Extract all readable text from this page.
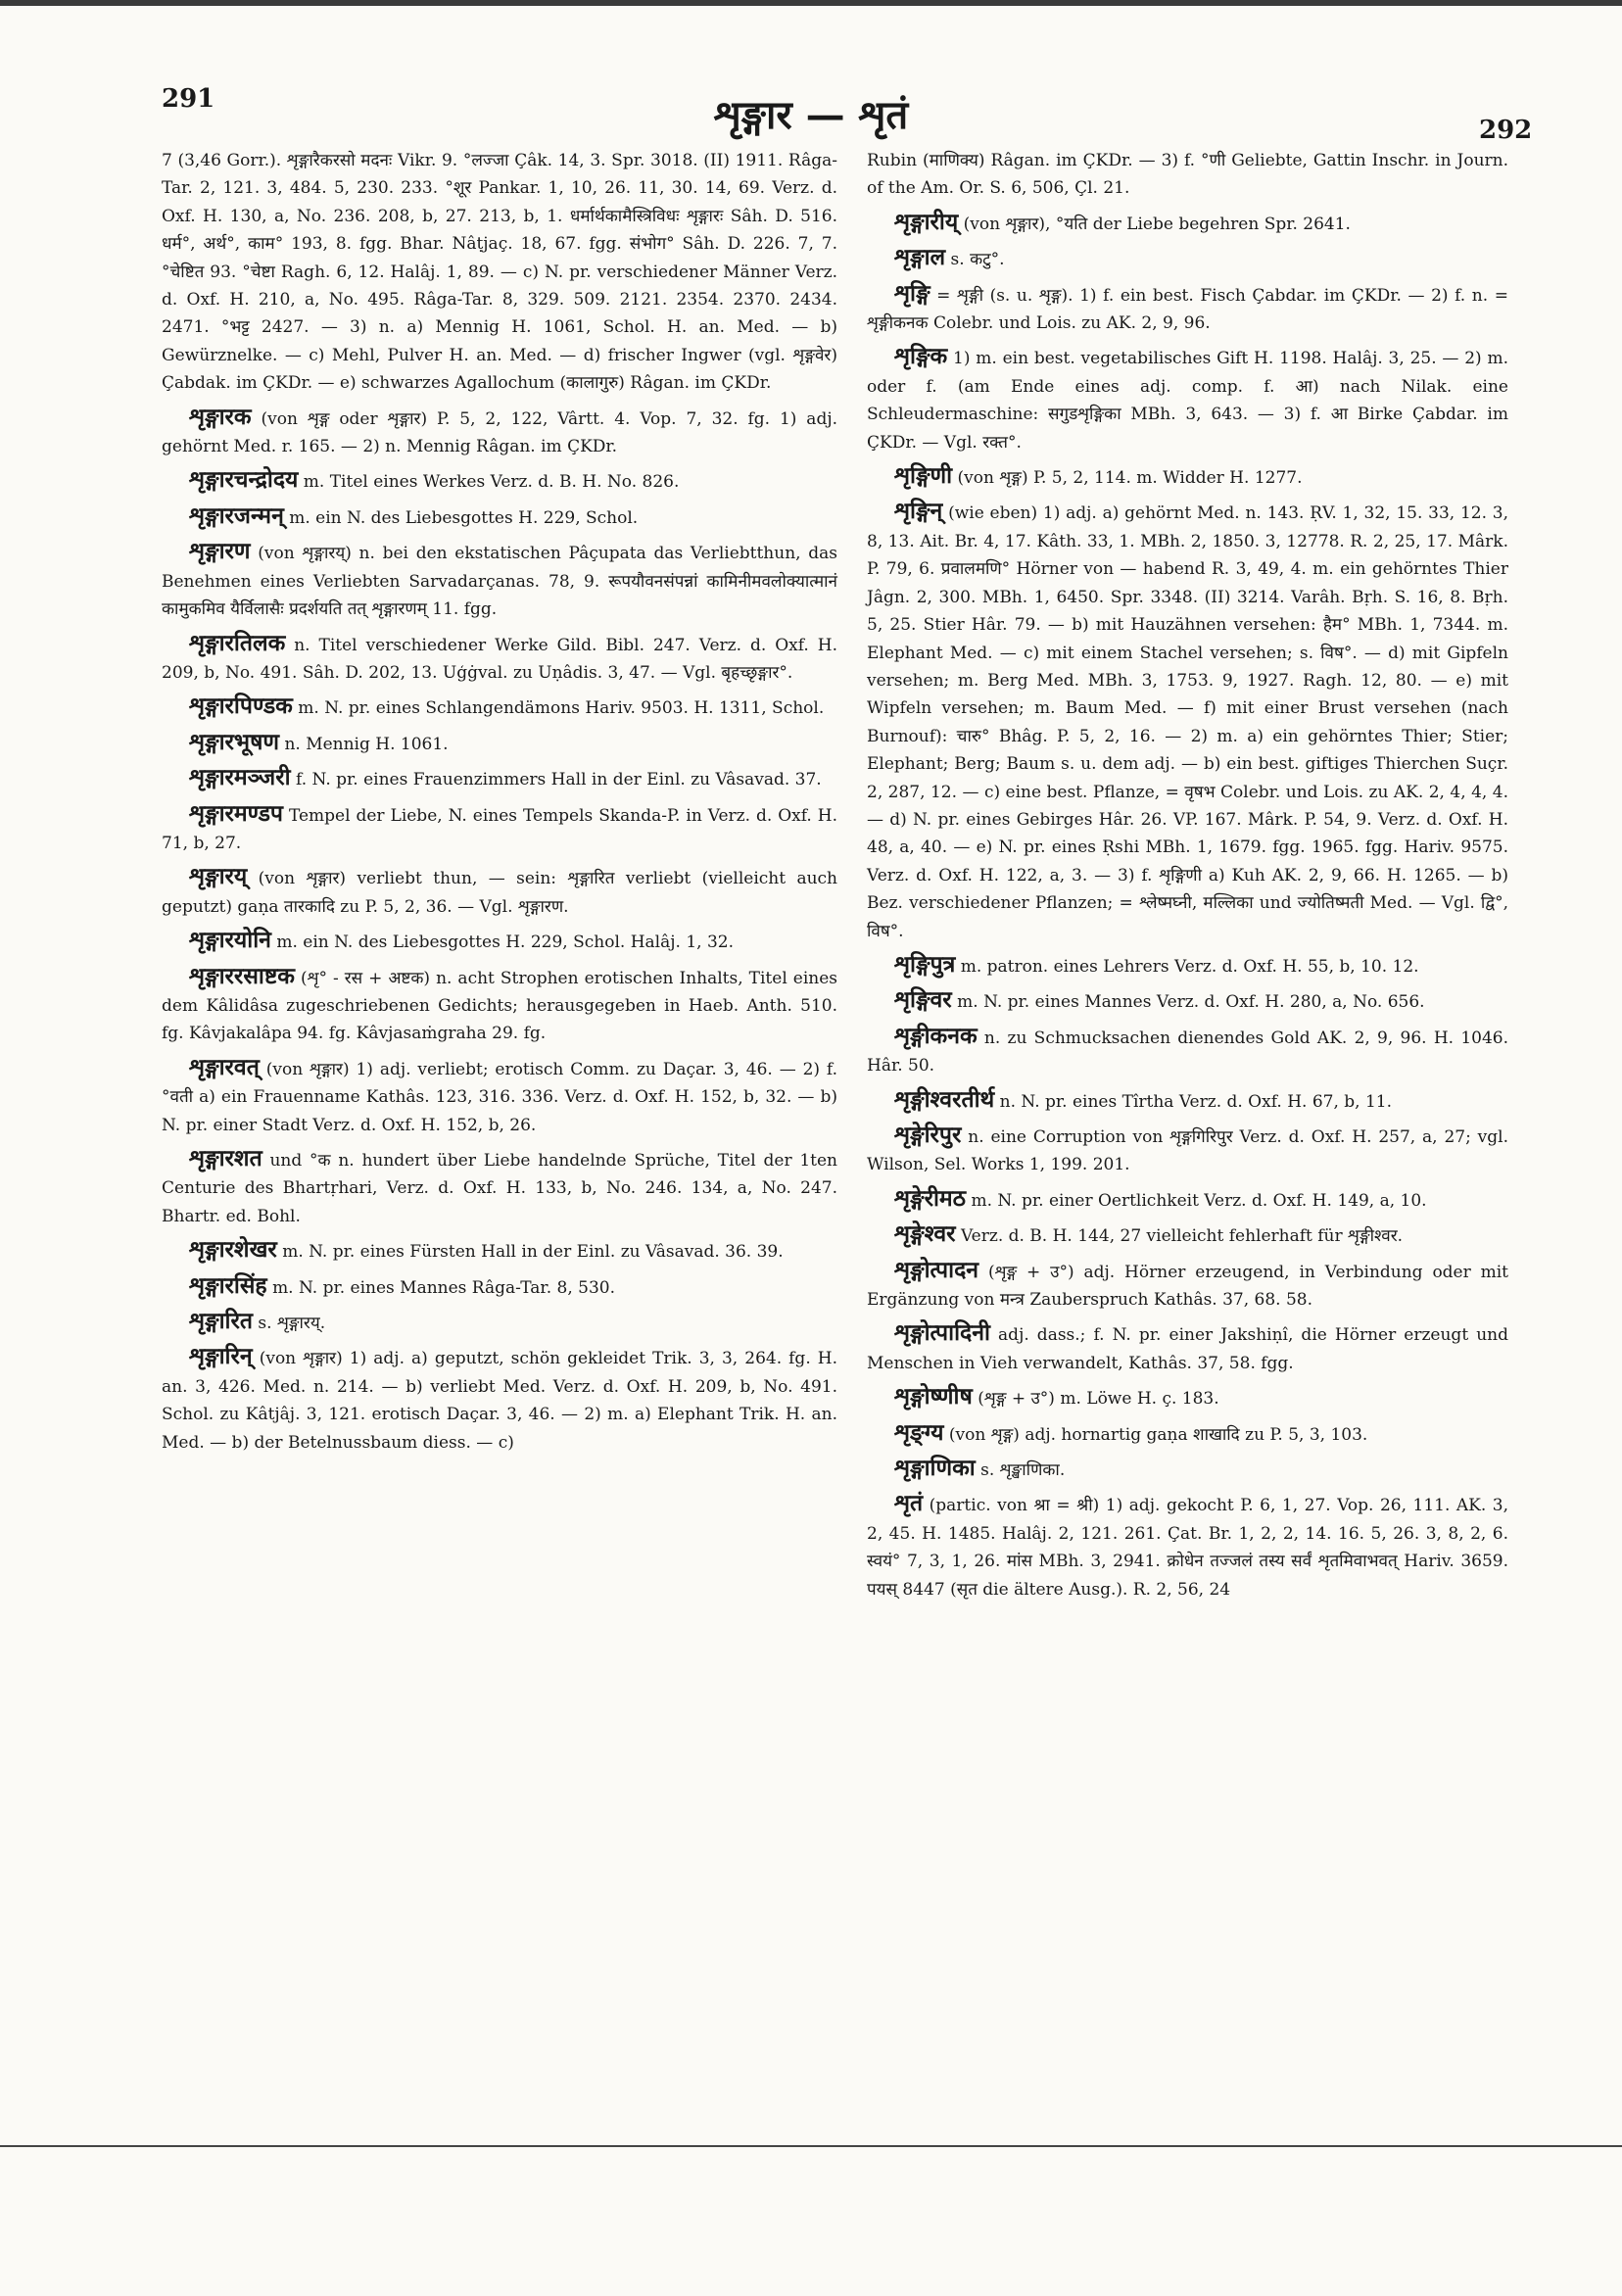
291	शृङ्गार — शृतं	292

7 (3,46 Gorr.). शृङ्गारैकरसो मदनः Vikr. 9. °लज्जा Çâk. 14, 3. Spr. 3018. (II) 1911. Râga-Tar. 2, 121. 3, 484. 5, 230. 233. °शूर Pankar. 1, 10, 26. 11, 30. 14, 69. Verz. d. Oxf. H. 130, a, No. 236. 208, b, 27. 213, b, 1. धर्मार्थकामैस्त्रिविधः शृङ्गारः Sâh. D. 516. धर्म°, अर्थ°, काम° 193, 8. fgg. Bhar. Nâṭjaç. 18, 67. fgg. संभोग° Sâh. D. 226. 7, 7. °चेष्टित 93. °चेष्टा Ragh. 6, 12. Halâj. 1, 89. — c) N. pr. verschiedener Männer Verz. d. Oxf. H. 210, a, No. 495. Râga-Tar. 8, 329. 509. 2121. 2354. 2370. 2434. 2471. °भट्ट 2427. — 3) n. a) Mennig H. 1061, Schol. H. an. Med. — b) Gewürznelke. — c) Mehl, Pulver H. an. Med. — d) frischer Ingwer (vgl. शृङ्गवेर) Çabdak. im ÇKDr. — e) schwarzes Agallochum (कालागुरु) Râgan. im ÇKDr.

शृङ्गारक (von शृङ्ग oder शृङ्गार) P. 5, 2, 122, Vârtt. 4. Vop. 7, 32. fg. 1) adj. gehörnt Med. r. 165. — 2) n. Mennig Râgan. im ÇKDr.

शृङ्गारचन्द्रोदय m. Titel eines Werkes Verz. d. B. H. No. 826.

शृङ्गारजन्मन् m. ein N. des Liebesgottes H. 229, Schol.

शृङ्गारण (von शृङ्गारय्) n. bei den ekstatischen Pâçupata das Verliebtthun, das Benehmen eines Verliebten Sarvadarçanas. 78, 9. रूपयौवनसंपन्नां कामिनीमवलोक्यात्मानं कामुकमिव यैर्विलासैः प्रदर्शयति तत् शृङ्गारणम् 11. fgg.

शृङ्गारतिलक n. Titel verschiedener Werke Gild. Bibl. 247. Verz. d. Oxf. H. 209, b, No. 491. Sâh. D. 202, 13. Uģġval. zu Uṇâdis. 3, 47. — Vgl. बृहच्छृङ्गार°.

शृङ्गारपिण्डक m. N. pr. eines Schlangendämons Hariv. 9503. H. 1311, Schol.

शृङ्गारभूषण n. Mennig H. 1061.

शृङ्गारमञ्जरी f. N. pr. eines Frauenzimmers Hall in der Einl. zu Vâsavad. 37.

शृङ्गारमण्डप Tempel der Liebe, N. eines Tempels Skanda-P. in Verz. d. Oxf. H. 71, b, 27.

शृङ्गारय् (von शृङ्गार) verliebt thun, — sein: शृङ्गारित verliebt (vielleicht auch geputzt) gaṇa तारकादि zu P. 5, 2, 36. — Vgl. शृङ्गारण.

शृङ्गारयोनि m. ein N. des Liebesgottes H. 229, Schol. Halâj. 1, 32.

शृङ्गाररसाष्टक (शृ° - रस + अष्टक) n. acht Strophen erotischen Inhalts, Titel eines dem Kâlidâsa zugeschriebenen Gedichts; herausgegeben in Haeb. Anth. 510. fg. Kâvjakalâpa 94. fg. Kâvjasaṁgraha 29. fg.

शृङ्गारवत् (von शृङ्गार) 1) adj. verliebt; erotisch Comm. zu Daçar. 3, 46. — 2) f. °वती a) ein Frauenname Kathâs. 123, 316. 336. Verz. d. Oxf. H. 152, b, 32. — b) N. pr. einer Stadt Verz. d. Oxf. H. 152, b, 26.

शृङ्गारशत und °क n. hundert über Liebe handelnde Sprüche, Titel der 1ten Centurie des Bhartṛhari, Verz. d. Oxf. H. 133, b, No. 246. 134, a, No. 247. Bhartr. ed. Bohl.

शृङ्गारशेखर m. N. pr. eines Fürsten Hall in der Einl. zu Vâsavad. 36. 39.

शृङ्गारसिंह m. N. pr. eines Mannes Râga-Tar. 8, 530.

शृङ्गारित s. शृङ्गारय्.

शृङ्गारिन् (von शृङ्गार) 1) adj. a) geputzt, schön gekleidet Trik. 3, 3, 264. fg. H. an. 3, 426. Med. n. 214. — b) verliebt Med. Verz. d. Oxf. H. 209, b, No. 491. Schol. zu Kâtjâj. 3, 121. erotisch Daçar. 3, 46. — 2) m. a) Elephant Trik. H. an. Med. — b) der Betelnussbaum diess. — c)

Rubin (माणिक्य) Râgan. im ÇKDr. — 3) f. °णी Geliebte, Gattin Inschr. in Journ. of the Am. Or. S. 6, 506, Çl. 21.

शृङ्गारीय् (von शृङ्गार), °यति der Liebe begehren Spr. 2641.

शृङ्गाल s. कटु°.

शृङ्गि = शृङ्गी (s. u. शृङ्ग). 1) f. ein best. Fisch Çabdar. im ÇKDr. — 2) f. n. = शृङ्गीकनक Colebr. und Lois. zu AK. 2, 9, 96.

शृङ्गिक 1) m. ein best. vegetabilisches Gift H. 1198. Halâj. 3, 25. — 2) m. oder f. (am Ende eines adj. comp. f. आ) nach Nilak. eine Schleudermaschine: सगुडशृङ्गिका MBh. 3, 643. — 3) f. आ Birke Çabdar. im ÇKDr. — Vgl. रक्त°.

शृङ्गिणी (von शृङ्ग) P. 5, 2, 114. m. Widder H. 1277.

शृङ्गिन् (wie eben) 1) adj. a) gehörnt Med. n. 143. ṚV. 1, 32, 15. 33, 12. 3, 8, 13. Ait. Br. 4, 17. Kâth. 33, 1. MBh. 2, 1850. 3, 12778. R. 2, 25, 17. Mârk. P. 79, 6. प्रवालमणि° Hörner von — habend R. 3, 49, 4. m. ein gehörntes Thier Jâgn. 2, 300. MBh. 1, 6450. Spr. 3348. (II) 3214. Varâh. Bṛh. S. 16, 8. Bṛh. 5, 25. Stier Hâr. 79. — b) mit Hauzähnen versehen: हैम° MBh. 1, 7344. m. Elephant Med. — c) mit einem Stachel versehen; s. विष°. — d) mit Gipfeln versehen; m. Berg Med. MBh. 3, 1753. 9, 1927. Ragh. 12, 80. — e) mit Wipfeln versehen; m. Baum Med. — f) mit einer Brust versehen (nach Burnouf): चारु° Bhâg. P. 5, 2, 16. — 2) m. a) ein gehörntes Thier; Stier; Elephant; Berg; Baum s. u. dem adj. — b) ein best. giftiges Thierchen Suçr. 2, 287, 12. — c) eine best. Pflanze, = वृषभ Colebr. und Lois. zu AK. 2, 4, 4, 4. — d) N. pr. eines Gebirges Hâr. 26. VP. 167. Mârk. P. 54, 9. Verz. d. Oxf. H. 48, a, 40. — e) N. pr. eines Ṛshi MBh. 1, 1679. fgg. 1965. fgg. Hariv. 9575. Verz. d. Oxf. H. 122, a, 3. — 3) f. शृङ्गिणी a) Kuh AK. 2, 9, 66. H. 1265. — b) Bez. verschiedener Pflanzen; = श्लेष्मघ्नी, मल्लिका und ज्योतिष्मती Med. — Vgl. द्वि°, विष°.

शृङ्गिपुत्र m. patron. eines Lehrers Verz. d. Oxf. H. 55, b, 10. 12.

शृङ्गिवर m. N. pr. eines Mannes Verz. d. Oxf. H. 280, a, No. 656.

शृङ्गीकनक n. zu Schmucksachen dienendes Gold AK. 2, 9, 96. H. 1046. Hâr. 50.

शृङ्गीश्वरतीर्थ n. N. pr. eines Tîrtha Verz. d. Oxf. H. 67, b, 11.

शृङ्गेरिपुर n. eine Corruption von शृङ्गगिरिपुर Verz. d. Oxf. H. 257, a, 27; vgl. Wilson, Sel. Works 1, 199. 201.

शृङ्गेरीमठ m. N. pr. einer Oertlichkeit Verz. d. Oxf. H. 149, a, 10.

शृङ्गेश्वर Verz. d. B. H. 144, 27 vielleicht fehlerhaft für शृङ्गीश्वर.

शृङ्गोत्पादन (शृङ्ग + उ°) adj. Hörner erzeugend, in Verbindung oder mit Ergänzung von मन्त्र Zauberspruch Kathâs. 37, 68. 58.

शृङ्गोत्पादिनी adj. dass.; f. N. pr. einer Jakshiṇî, die Hörner erzeugt und Menschen in Vieh verwandelt, Kathâs. 37, 58. fgg.

शृङ्गोष्णीष (शृङ्ग + उ°) m. Löwe H. ç. 183.

शृङ्ग्य (von शृङ्ग) adj. hornartig gaṇa शाखादि zu P. 5, 3, 103.

शृङ्गाणिका s. शृङ्खाणिका.

शृतं (partic. von श्रा = श्री) 1) adj. gekocht P. 6, 1, 27. Vop. 26, 111. AK. 3, 2, 45. H. 1485. Halâj. 2, 121. 261. Çat. Br. 1, 2, 2, 14. 16. 5, 26. 3, 8, 2, 6. स्वयं° 7, 3, 1, 26. मांस MBh. 3, 2941. क्रोधेन तज्जलं तस्य सर्वं शृतमिवाभवत् Hariv. 3659. पयस् 8447 (सृत die ältere Ausg.). R. 2, 56, 24
